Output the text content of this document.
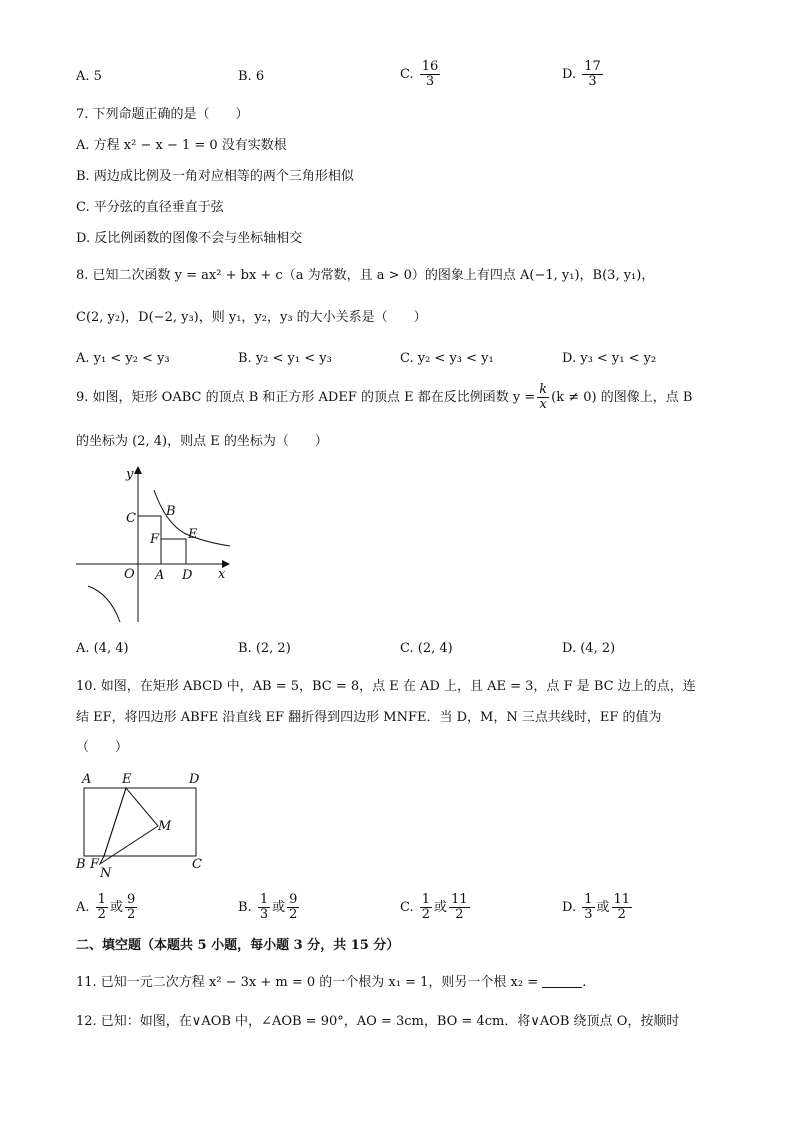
A. 5	B. 6	C. $\frac{16}{3}$	D. $\frac{17}{3}$
7. 下列命题正确的是（　　）
A. 方程 x² − x − 1 = 0 没有实数根
B. 两边成比例及一角对应相等的两个三角形相似
C. 平分弦的直径垂直于弦
D. 反比例函数的图像不会与坐标轴相交
8. 已知二次函数 y = ax² + bx + c（a 为常数，且 a > 0）的图象上有四点 A(−1, y₁)，B(3, y₁)，
C(2, y₂)，D(−2, y₃)，则 y₁，y₂，y₃ 的大小关系是（　　）
A. y₁ < y₂ < y₃	B. y₂ < y₁ < y₃	C. y₂ < y₃ < y₁	D. y₃ < y₁ < y₂
9. 如图，矩形 OABC 的顶点 B 和正方形 ADEF 的顶点 E 都在反比例函数 $y = \frac{k}{x} (k \ne 0)$ 的图像上，点 B
的坐标为 (2, 4)，则点 E 的坐标为（　　）
y
x
O A D
C B
F E
A. (4, 4)	B. (2, 2)	C. (2, 4)	D. (4, 2)
10. 如图，在矩形 ABCD 中，AB = 5，BC = 8，点 E 在 AD 上，且 AE = 3，点 F 是 BC 边上的点，连
结 EF，将四边形 ABFE 沿直线 EF 翻折得到四边形 MNFE．当 D，M，N 三点共线时，EF 的值为
（　　）
A E	D
M
B F	C
N
A. $\frac{1}{2}$ 或 $\frac{9}{2}$	B. $\frac{1}{3}$ 或 $\frac{9}{2}$	C. $\frac{1}{2}$ 或 $\frac{11}{2}$	D. $\frac{1}{3}$ 或 $\frac{11}{2}$
二、填空题（本题共 5 小题，每小题 3 分，共 15 分）
11. 已知一元二次方程 x² − 3x + m = 0 的一个根为 x₁ = 1，则另一个根 x₂ =	.
12. 已知：如图，在∨AOB 中，∠AOB = 90°，AO = 3cm，BO = 4cm．将∨AOB 绕顶点 O，按顺时
